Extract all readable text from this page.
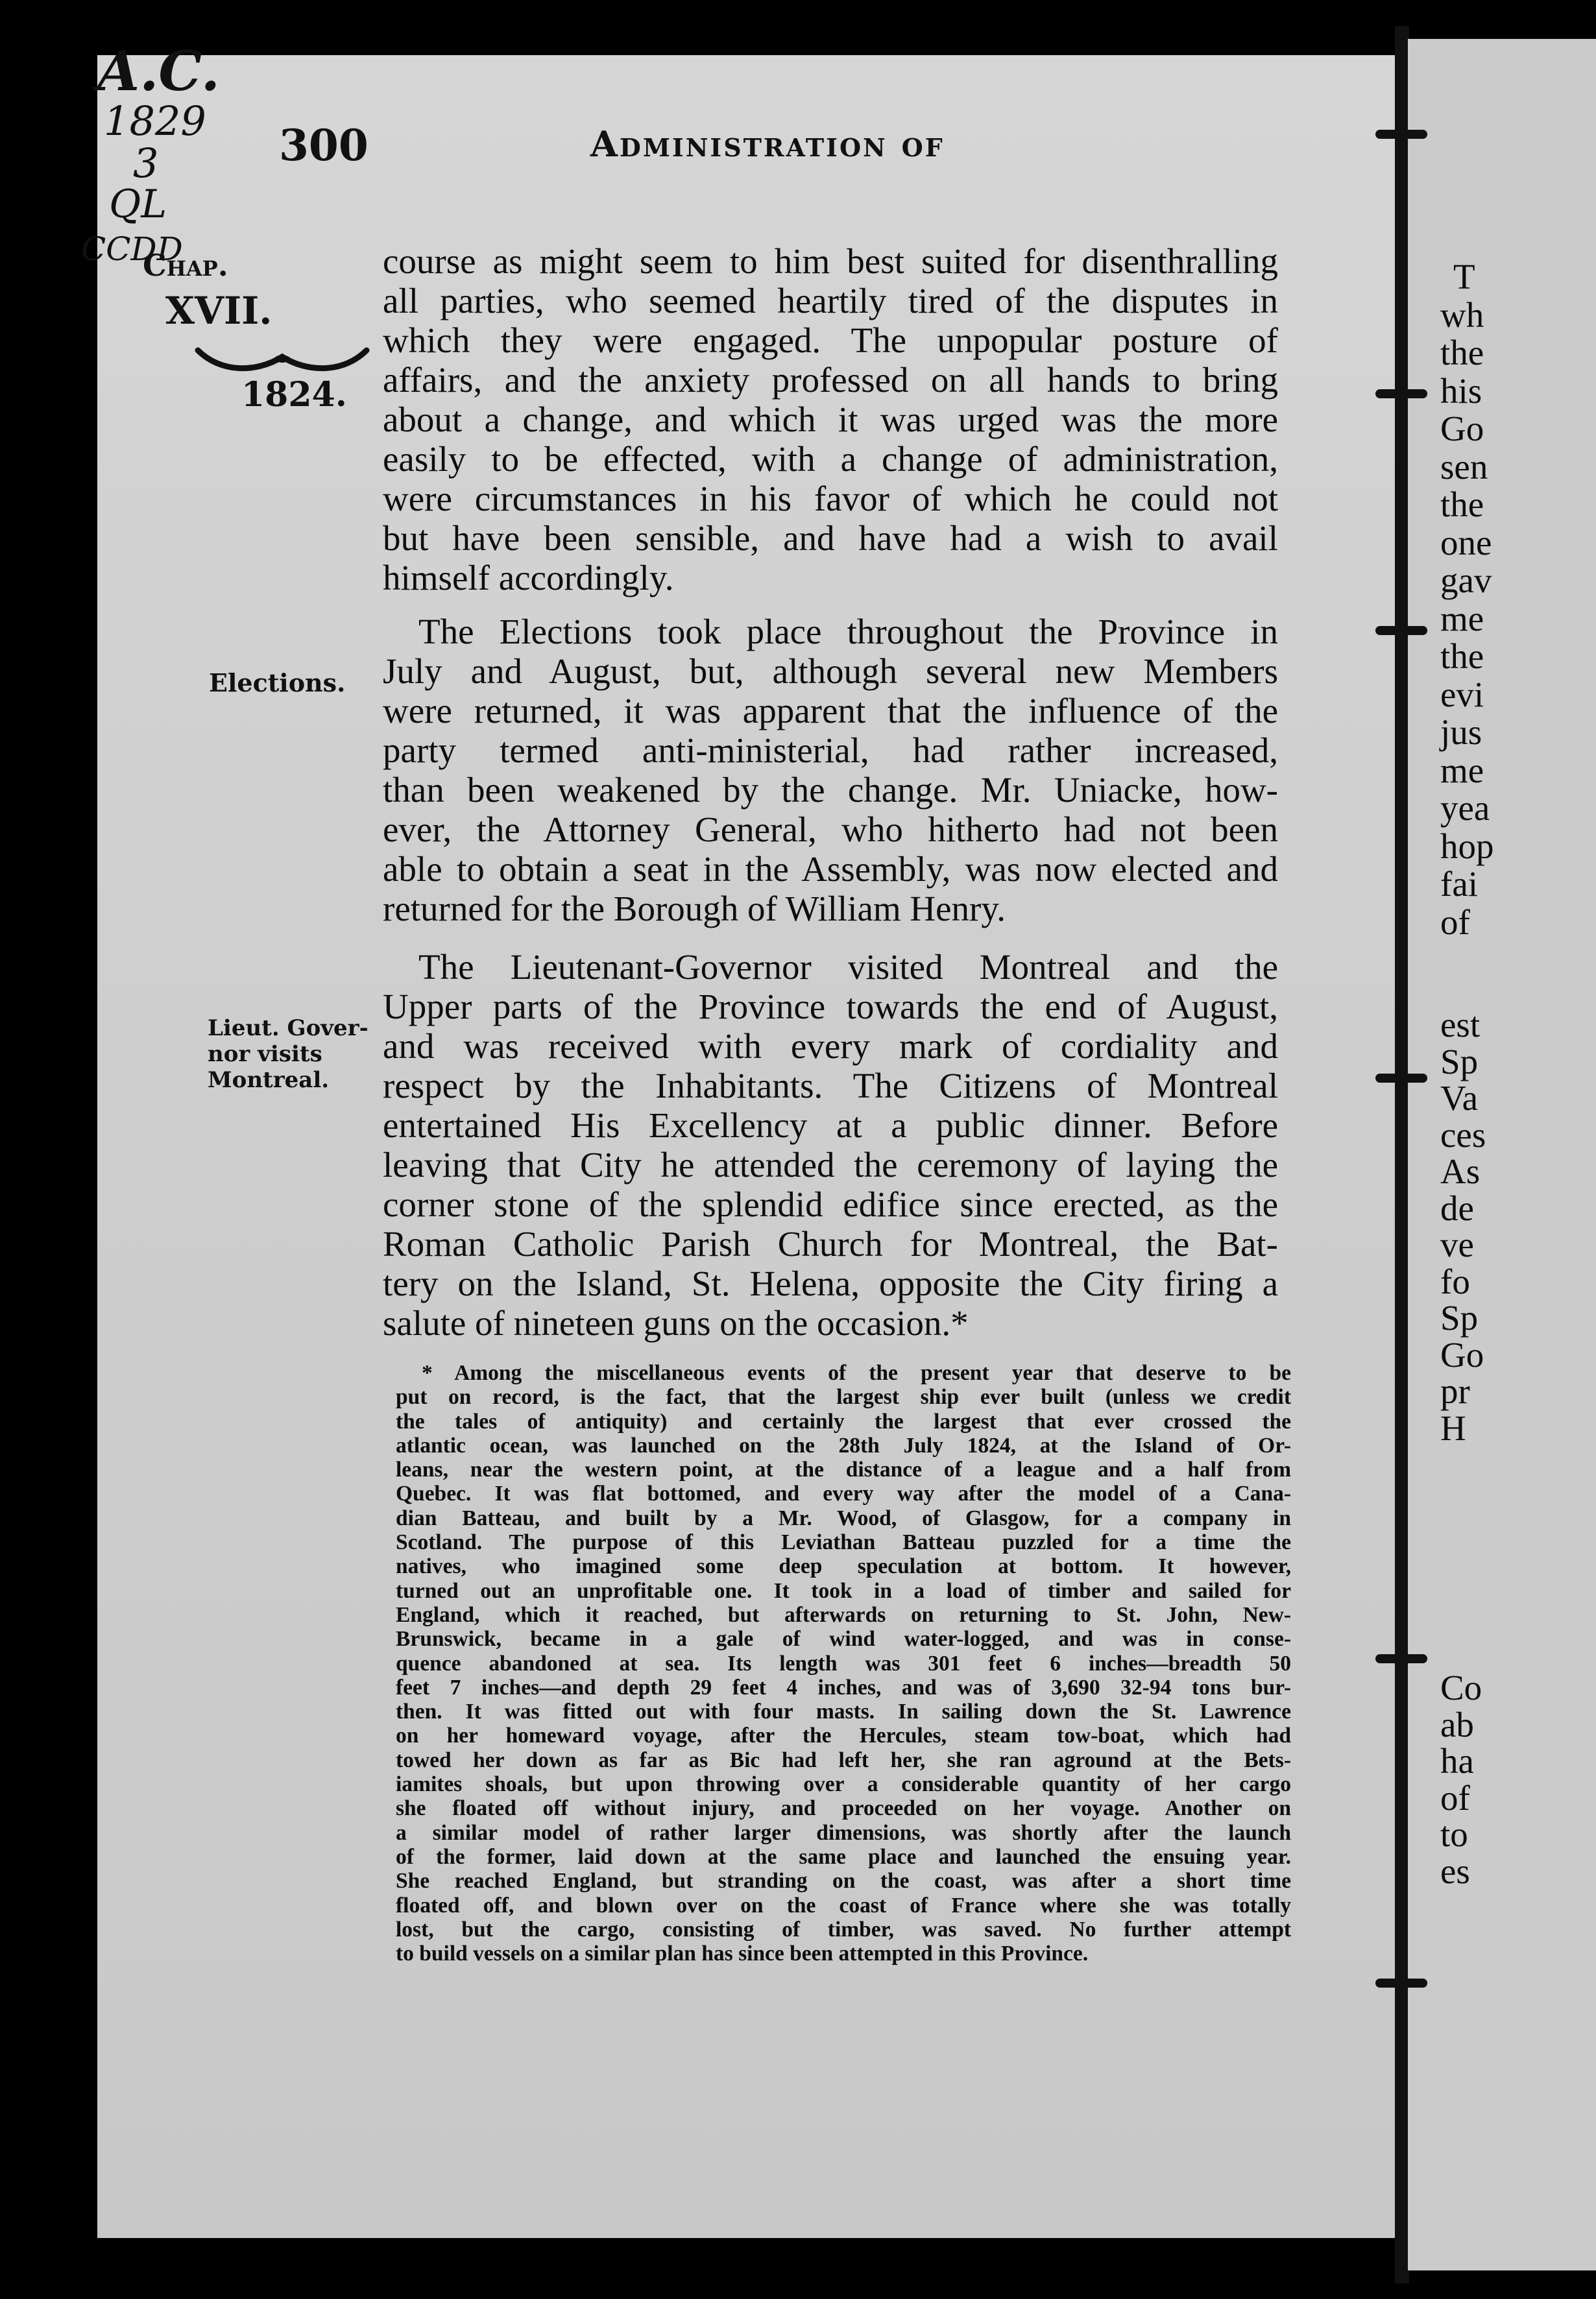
A.C.
1829
3
QL
CCDD
300	Administration of
Chap.
XVII.
1824.
Elections.
Lieut. Gover-
nor visits
Montreal.

course as might seem to him best suited for disenthralling

all parties, who seemed heartily tired of the disputes in

which they were engaged. The unpopular posture of

affairs, and the anxiety professed on all hands to bring

about a change, and which it was urged was the more

easily to be effected, with a change of administration,

were circumstances in his favor of which he could not

but have been sensible, and have had a wish to avail

himself accordingly.

The Elections took place throughout the Province in

July and August, but, although several new Members

were returned, it was apparent that the influence of the

party termed anti-ministerial, had rather increased,

than been weakened by the change. Mr. Uniacke, how-

ever, the Attorney General, who hitherto had not been

able to obtain a seat in the Assembly, was now elected and

returned for the Borough of William Henry.

The Lieutenant-Governor visited Montreal and the

Upper parts of the Province towards the end of August,

and was received with every mark of cordiality and

respect by the Inhabitants. The Citizens of Montreal

entertained His Excellency at a public dinner. Before

leaving that City he attended the ceremony of laying the

corner stone of the splendid edifice since erected, as the

Roman Catholic Parish Church for Montreal, the Bat-

tery on the Island, St. Helena, opposite the City firing a

salute of nineteen guns on the occasion.*

* Among the miscellaneous events of the present year that deserve to be

put on record, is the fact, that the largest ship ever built (unless we credit

the tales of antiquity) and certainly the largest that ever crossed the

atlantic ocean, was launched on the 28th July 1824, at the Island of Or-

leans, near the western point, at the distance of a league and a half from

Quebec. It was flat bottomed, and every way after the model of a Cana-

dian Batteau, and built by a Mr. Wood, of Glasgow, for a company in

Scotland. The purpose of this Leviathan Batteau puzzled for a time the

natives, who imagined some deep speculation at bottom. It however,

turned out an unprofitable one. It took in a load of timber and sailed for

England, which it reached, but afterwards on returning to St. John, New-

Brunswick, became in a gale of wind water-logged, and was in conse-

quence abandoned at sea. Its length was 301 feet 6 inches—breadth 50

feet 7 inches—and depth 29 feet 4 inches, and was of 3,690 32-94 tons bur-

then. It was fitted out with four masts. In sailing down the St. Lawrence

on her homeward voyage, after the Hercules, steam tow-boat, which had

towed her down as far as Bic had left her, she ran aground at the Bets-

iamites shoals, but upon throwing over a considerable quantity of her cargo

she floated off without injury, and proceeded on her voyage. Another on

a similar model of rather larger dimensions, was shortly after the launch

of the former, laid down at the same place and launched the ensuing year.

She reached England, but stranding on the coast, was after a short time

floated off, and blown over on the coast of France where she was totally

lost, but the cargo, consisting of timber, was saved. No further attempt

to build vessels on a similar plan has since been attempted in this Province.

T
wh
the
his
Go
sen
the
one
gav
me
the
evi
jus
me
yea
hop
fai
of
est
Sp
Va
ces
As
de
ve
fo
Sp
Go
pr
H
Co
ab
ha
of
to
es
